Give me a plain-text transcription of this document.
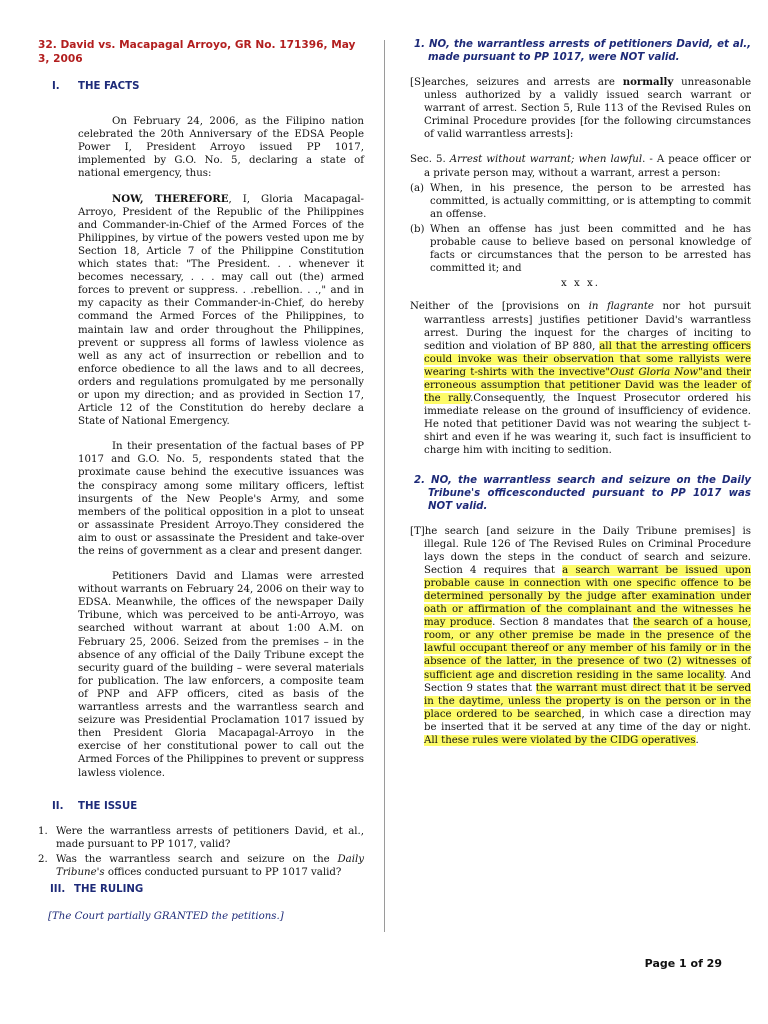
32. David vs. Macapagal Arroyo, GR No. 171396, May 3, 2006

I. THE FACTS

On February 24, 2006, as the Filipino nation celebrated the 20th Anniversary of the EDSA People Power I, President Arroyo issued PP 1017, implemented by G.O. No. 5, declaring a state of national emergency, thus:

NOW, THEREFORE, I, Gloria Macapagal-Arroyo, President of the Republic of the Philippines and Commander-in-Chief of the Armed Forces of the Philippines, by virtue of the powers vested upon me by Section 18, Article 7 of the Philippine Constitution which states that: "The President. . . whenever it becomes necessary, . . . may call out (the) armed forces to prevent or suppress. . .rebellion. . .," and in my capacity as their Commander-in-Chief, do hereby command the Armed Forces of the Philippines, to maintain law and order throughout the Philippines, prevent or suppress all forms of lawless violence as well as any act of insurrection or rebellion and to enforce obedience to all the laws and to all decrees, orders and regulations promulgated by me personally or upon my direction; and as provided in Section 17, Article 12 of the Constitution do hereby declare a State of National Emergency.

In their presentation of the factual bases of PP 1017 and G.O. No. 5, respondents stated that the proximate cause behind the executive issuances was the conspiracy among some military officers, leftist insurgents of the New People's Army, and some members of the political opposition in a plot to unseat or assassinate President Arroyo.They considered the aim to oust or assassinate the President and take-over the reins of government as a clear and present danger.

Petitioners David and Llamas were arrested without warrants on February 24, 2006 on their way to EDSA. Meanwhile, the offices of the newspaper Daily Tribune, which was perceived to be anti-Arroyo, was searched without warrant at about 1:00 A.M. on February 25, 2006. Seized from the premises – in the absence of any official of the Daily Tribune except the security guard of the building – were several materials for publication. The law enforcers, a composite team of PNP and AFP officers, cited as basis of the warrantless arrests and the warrantless search and seizure was Presidential Proclamation 1017 issued by then President Gloria Macapagal-Arroyo in the exercise of her constitutional power to call out the Armed Forces of the Philippines to prevent or suppress lawless violence.

II. THE ISSUE

1. Were the warrantless arrests of petitioners David, et al., made pursuant to PP 1017, valid?
2. Was the warrantless search and seizure on the Daily Tribune's offices conducted pursuant to PP 1017 valid?

III. THE RULING

[The Court partially GRANTED the petitions.]

1. NO, the warrantless arrests of petitioners David, et al., made pursuant to PP 1017, were NOT valid.

[S]earches, seizures and arrests are normally unreasonable unless authorized by a validly issued search warrant or warrant of arrest. Section 5, Rule 113 of the Revised Rules on Criminal Procedure provides [for the following circumstances of valid warrantless arrests]:

Sec. 5. Arrest without warrant; when lawful. - A peace officer or a private person may, without a warrant, arrest a person:
(a) When, in his presence, the person to be arrested has committed, is actually committing, or is attempting to commit an offense.
(b) When an offense has just been committed and he has probable cause to believe based on personal knowledge of facts or circumstances that the person to be arrested has committed it; and
x x x.

Neither of the [provisions on in flagrante nor hot pursuit warrantless arrests] justifies petitioner David's warrantless arrest. During the inquest for the charges of inciting to sedition and violation of BP 880, all that the arresting officers could invoke was their observation that some rallyists were wearing t-shirts with the invective"Oust Gloria Now"and their erroneous assumption that petitioner David was the leader of the rally.Consequently, the Inquest Prosecutor ordered his immediate release on the ground of insufficiency of evidence. He noted that petitioner David was not wearing the subject t-shirt and even if he was wearing it, such fact is insufficient to charge him with inciting to sedition.

2. NO, the warrantless search and seizure on the Daily Tribune's officesconducted pursuant to PP 1017 was NOT valid.

[T]he search [and seizure in the Daily Tribune premises] is illegal. Rule 126 of The Revised Rules on Criminal Procedure lays down the steps in the conduct of search and seizure. Section 4 requires that a search warrant be issued upon probable cause in connection with one specific offence to be determined personally by the judge after examination under oath or affirmation of the complainant and the witnesses he may produce. Section 8 mandates that the search of a house, room, or any other premise be made in the presence of the lawful occupant thereof or any member of his family or in the absence of the latter, in the presence of two (2) witnesses of sufficient age and discretion residing in the same locality. And Section 9 states that the warrant must direct that it be served in the daytime, unless the property is on the person or in the place ordered to be searched, in which case a direction may be inserted that it be served at any time of the day or night. All these rules were violated by the CIDG operatives.

Page 1 of 29
